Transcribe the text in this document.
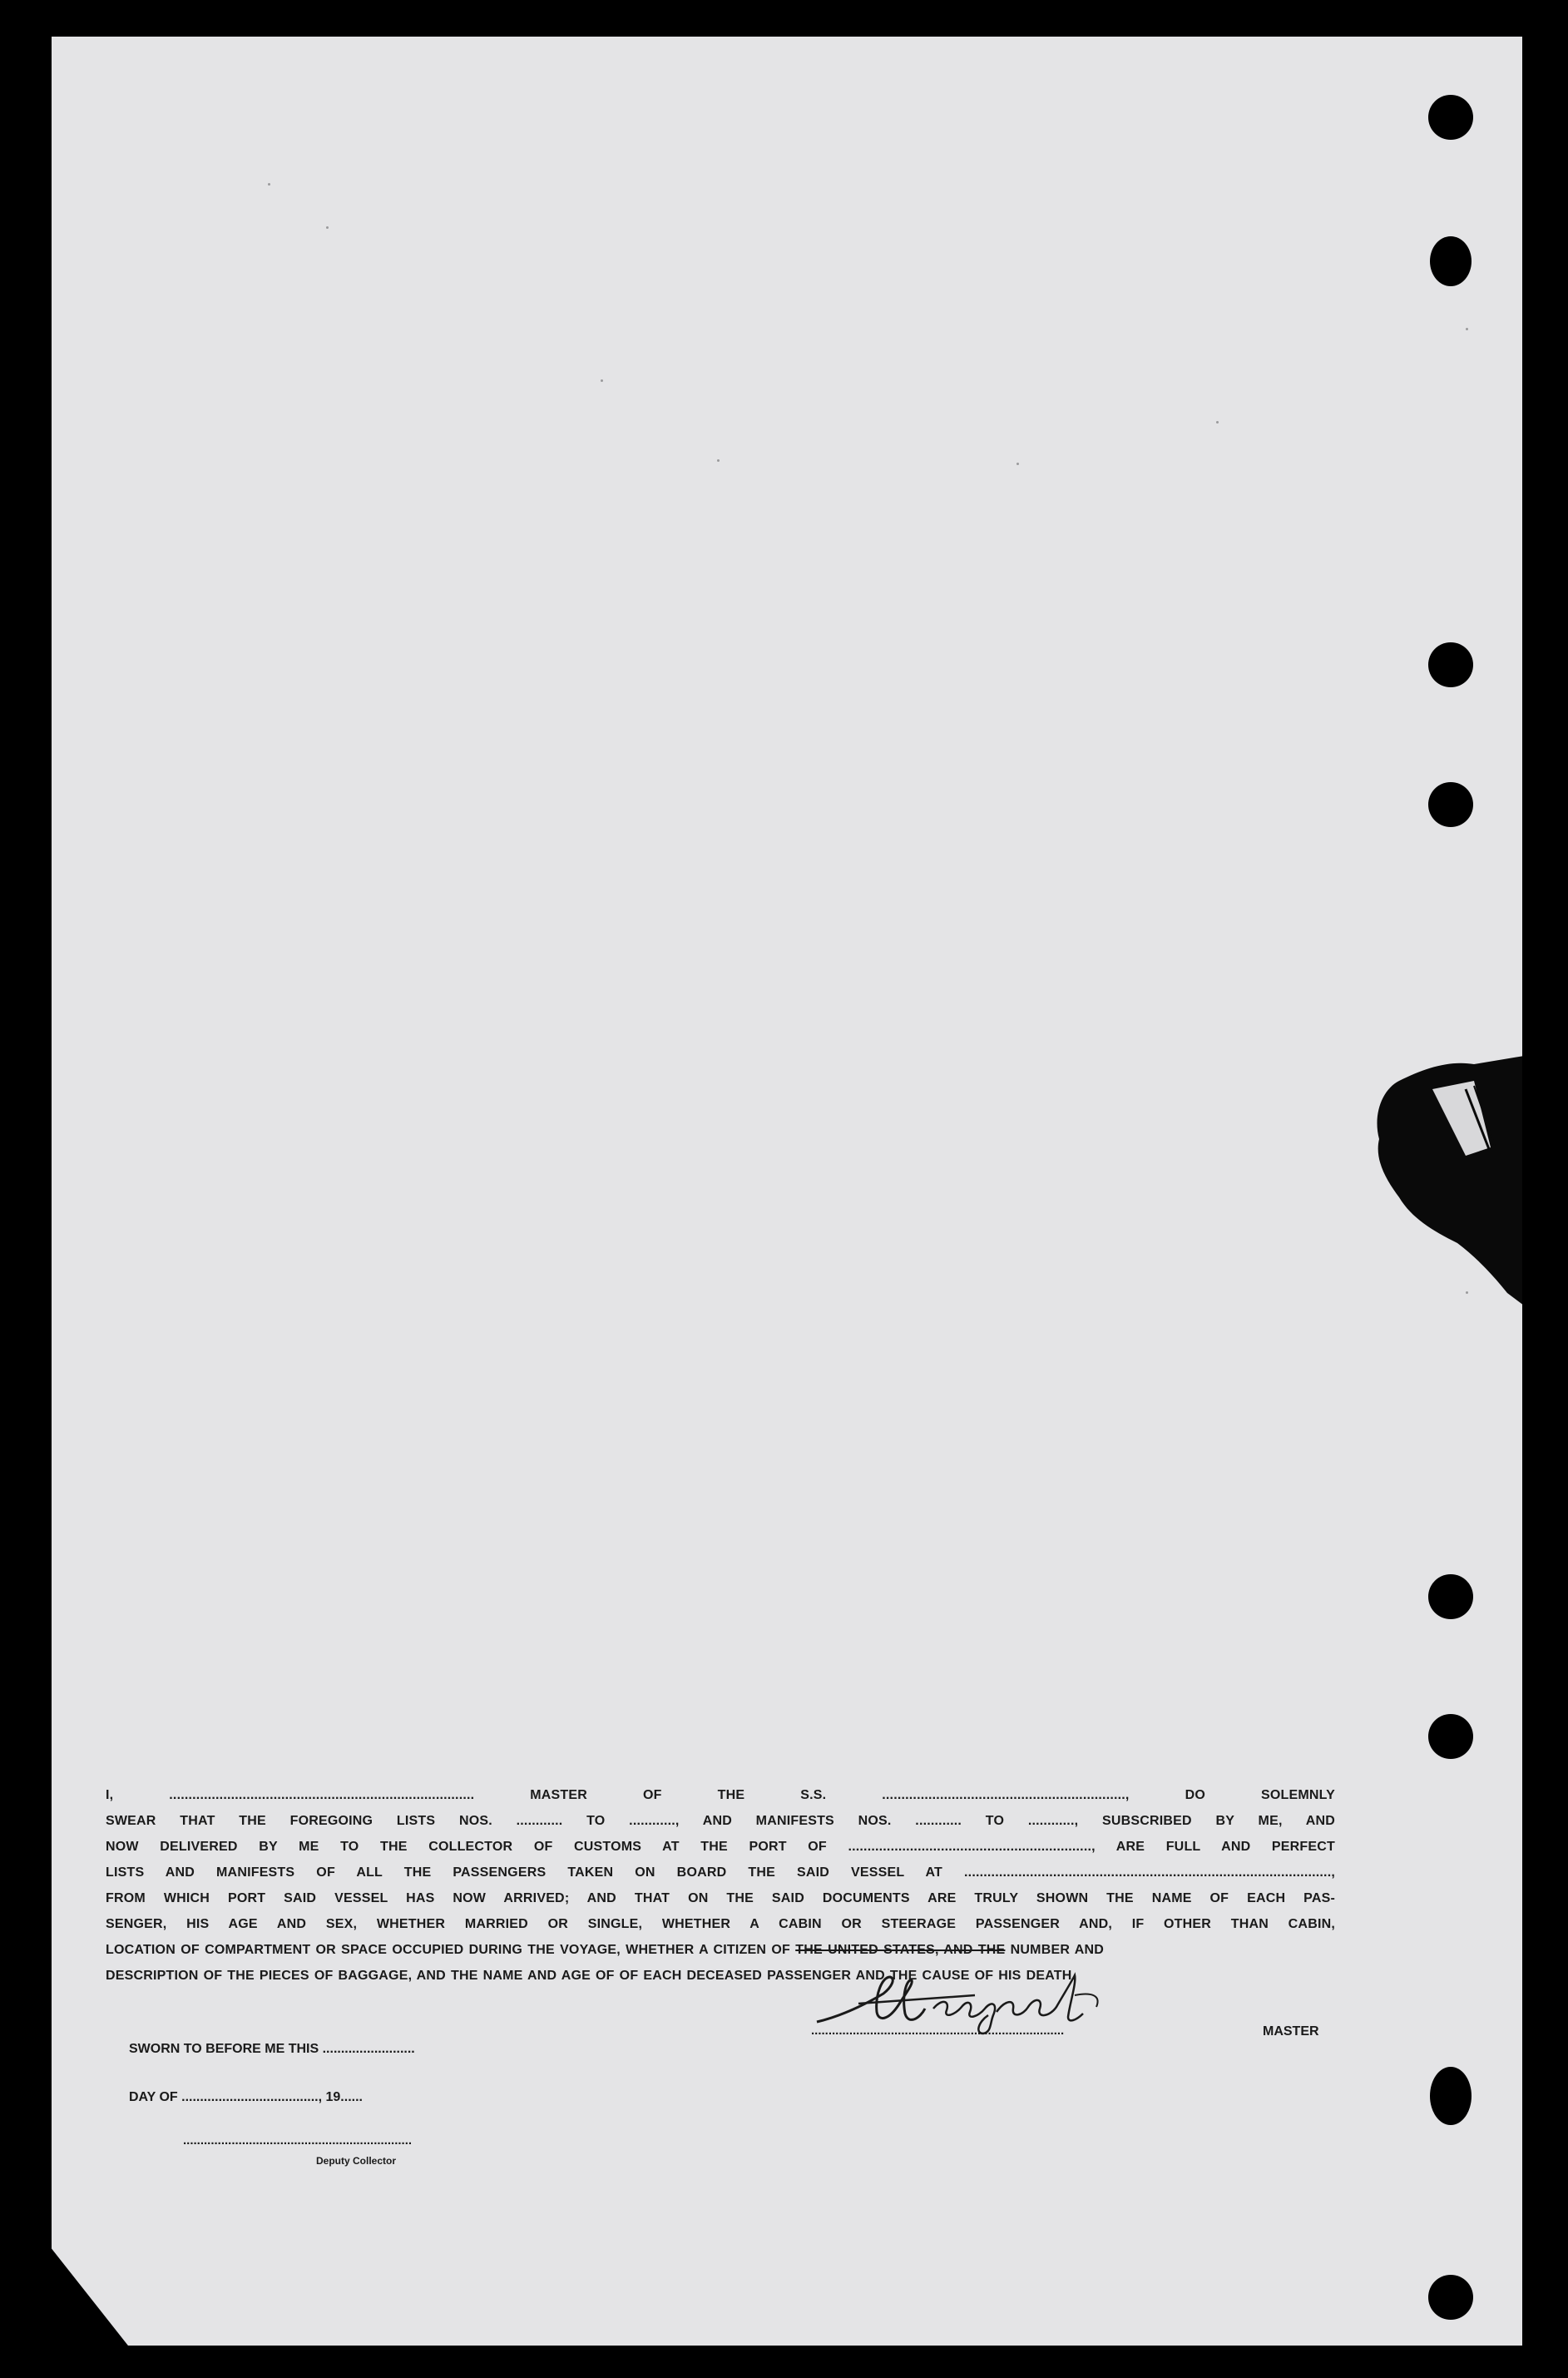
I, ............................................................................... MASTER OF THE S.S. ..............................................................., DO SOLEMNLY
SWEAR THAT THE FOREGOING LISTS NOS. ............ TO ............, AND MANIFESTS NOS. ............ TO ............, SUBSCRIBED BY ME, AND
NOW DELIVERED BY ME TO THE COLLECTOR OF CUSTOMS AT THE PORT OF ..............................................................., ARE FULL AND PERFECT
LISTS AND MANIFESTS OF ALL THE PASSENGERS TAKEN ON BOARD THE SAID VESSEL AT ...............................................................................................,
FROM WHICH PORT SAID VESSEL HAS NOW ARRIVED; AND THAT ON THE SAID DOCUMENTS ARE TRULY SHOWN THE NAME OF EACH PAS-
SENGER, HIS AGE AND SEX, WHETHER MARRIED OR SINGLE, WHETHER A CABIN OR STEERAGE PASSENGER AND, IF OTHER THAN CABIN,
LOCATION OF COMPARTMENT OR SPACE OCCUPIED DURING THE VOYAGE, WHETHER A CITIZEN OF THE UNITED STATES, AND THE NUMBER AND
DESCRIPTION OF THE PIECES OF BAGGAGE, AND THE NAME AND AGE OF OF EACH DECEASED PASSENGER AND THE CAUSE OF HIS DEATH.
.........................................................................	MASTER
SWORN TO BEFORE ME THIS .........................
DAY OF ....................................., 19......
..................................................................
Deputy Collector
